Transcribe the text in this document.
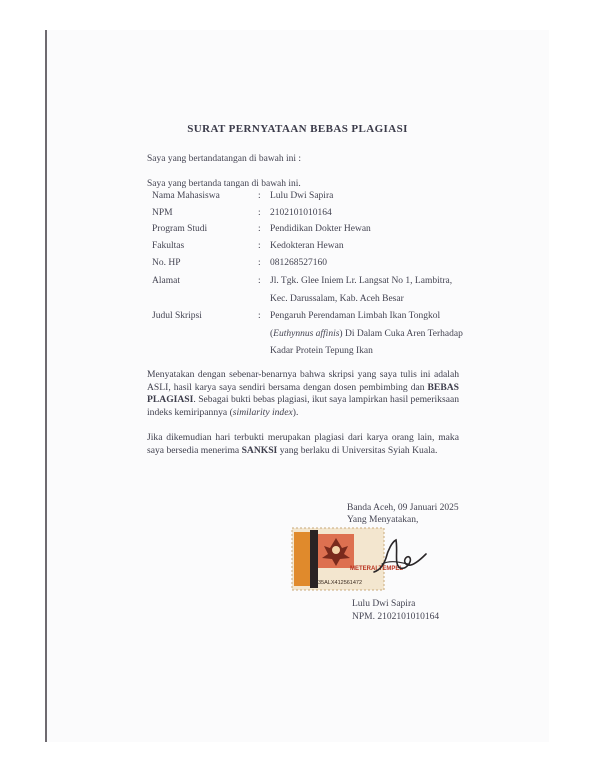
SURAT PERNYATAAN BEBAS PLAGIASI
Saya yang bertandatangan di bawah ini :
Saya yang bertanda tangan di bawah ini.
Nama Mahasiswa	: Lulu Dwi Sapira
NPM	: 2102101010164
Program Studi	: Pendidikan Dokter Hewan
Fakultas	: Kedokteran Hewan
No. HP	: 081268527160
Alamat	: Jl. Tgk. Glee Iniem Lr. Langsat No 1, Lambitra,
Kec. Darussalam, Kab. Aceh Besar
Judul Skripsi	: Pengaruh Perendaman Limbah Ikan Tongkol
(Euthynnus affinis) Di Dalam Cuka Aren Terhadap
Kadar Protein Tepung Ikan
Menyatakan dengan sebenar-benarnya bahwa skripsi yang saya tulis ini adalah ASLI, hasil karya saya sendiri bersama dengan dosen pembimbing dan BEBAS PLAGIASI. Sebagai bukti bebas plagiasi, ikut saya lampirkan hasil pemeriksaan indeks kemiripannya (similarity index).
Jika dikemudian hari terbukti merupakan plagiasi dari karya orang lain, maka saya bersedia menerima SANKSI yang berlaku di Universitas Syiah Kuala.
Banda Aceh, 09 Januari 2025
Yang Menyatakan,
METERAI TEMPEL
35ALX412561472
Lulu Dwi Sapira
NPM. 2102101010164
